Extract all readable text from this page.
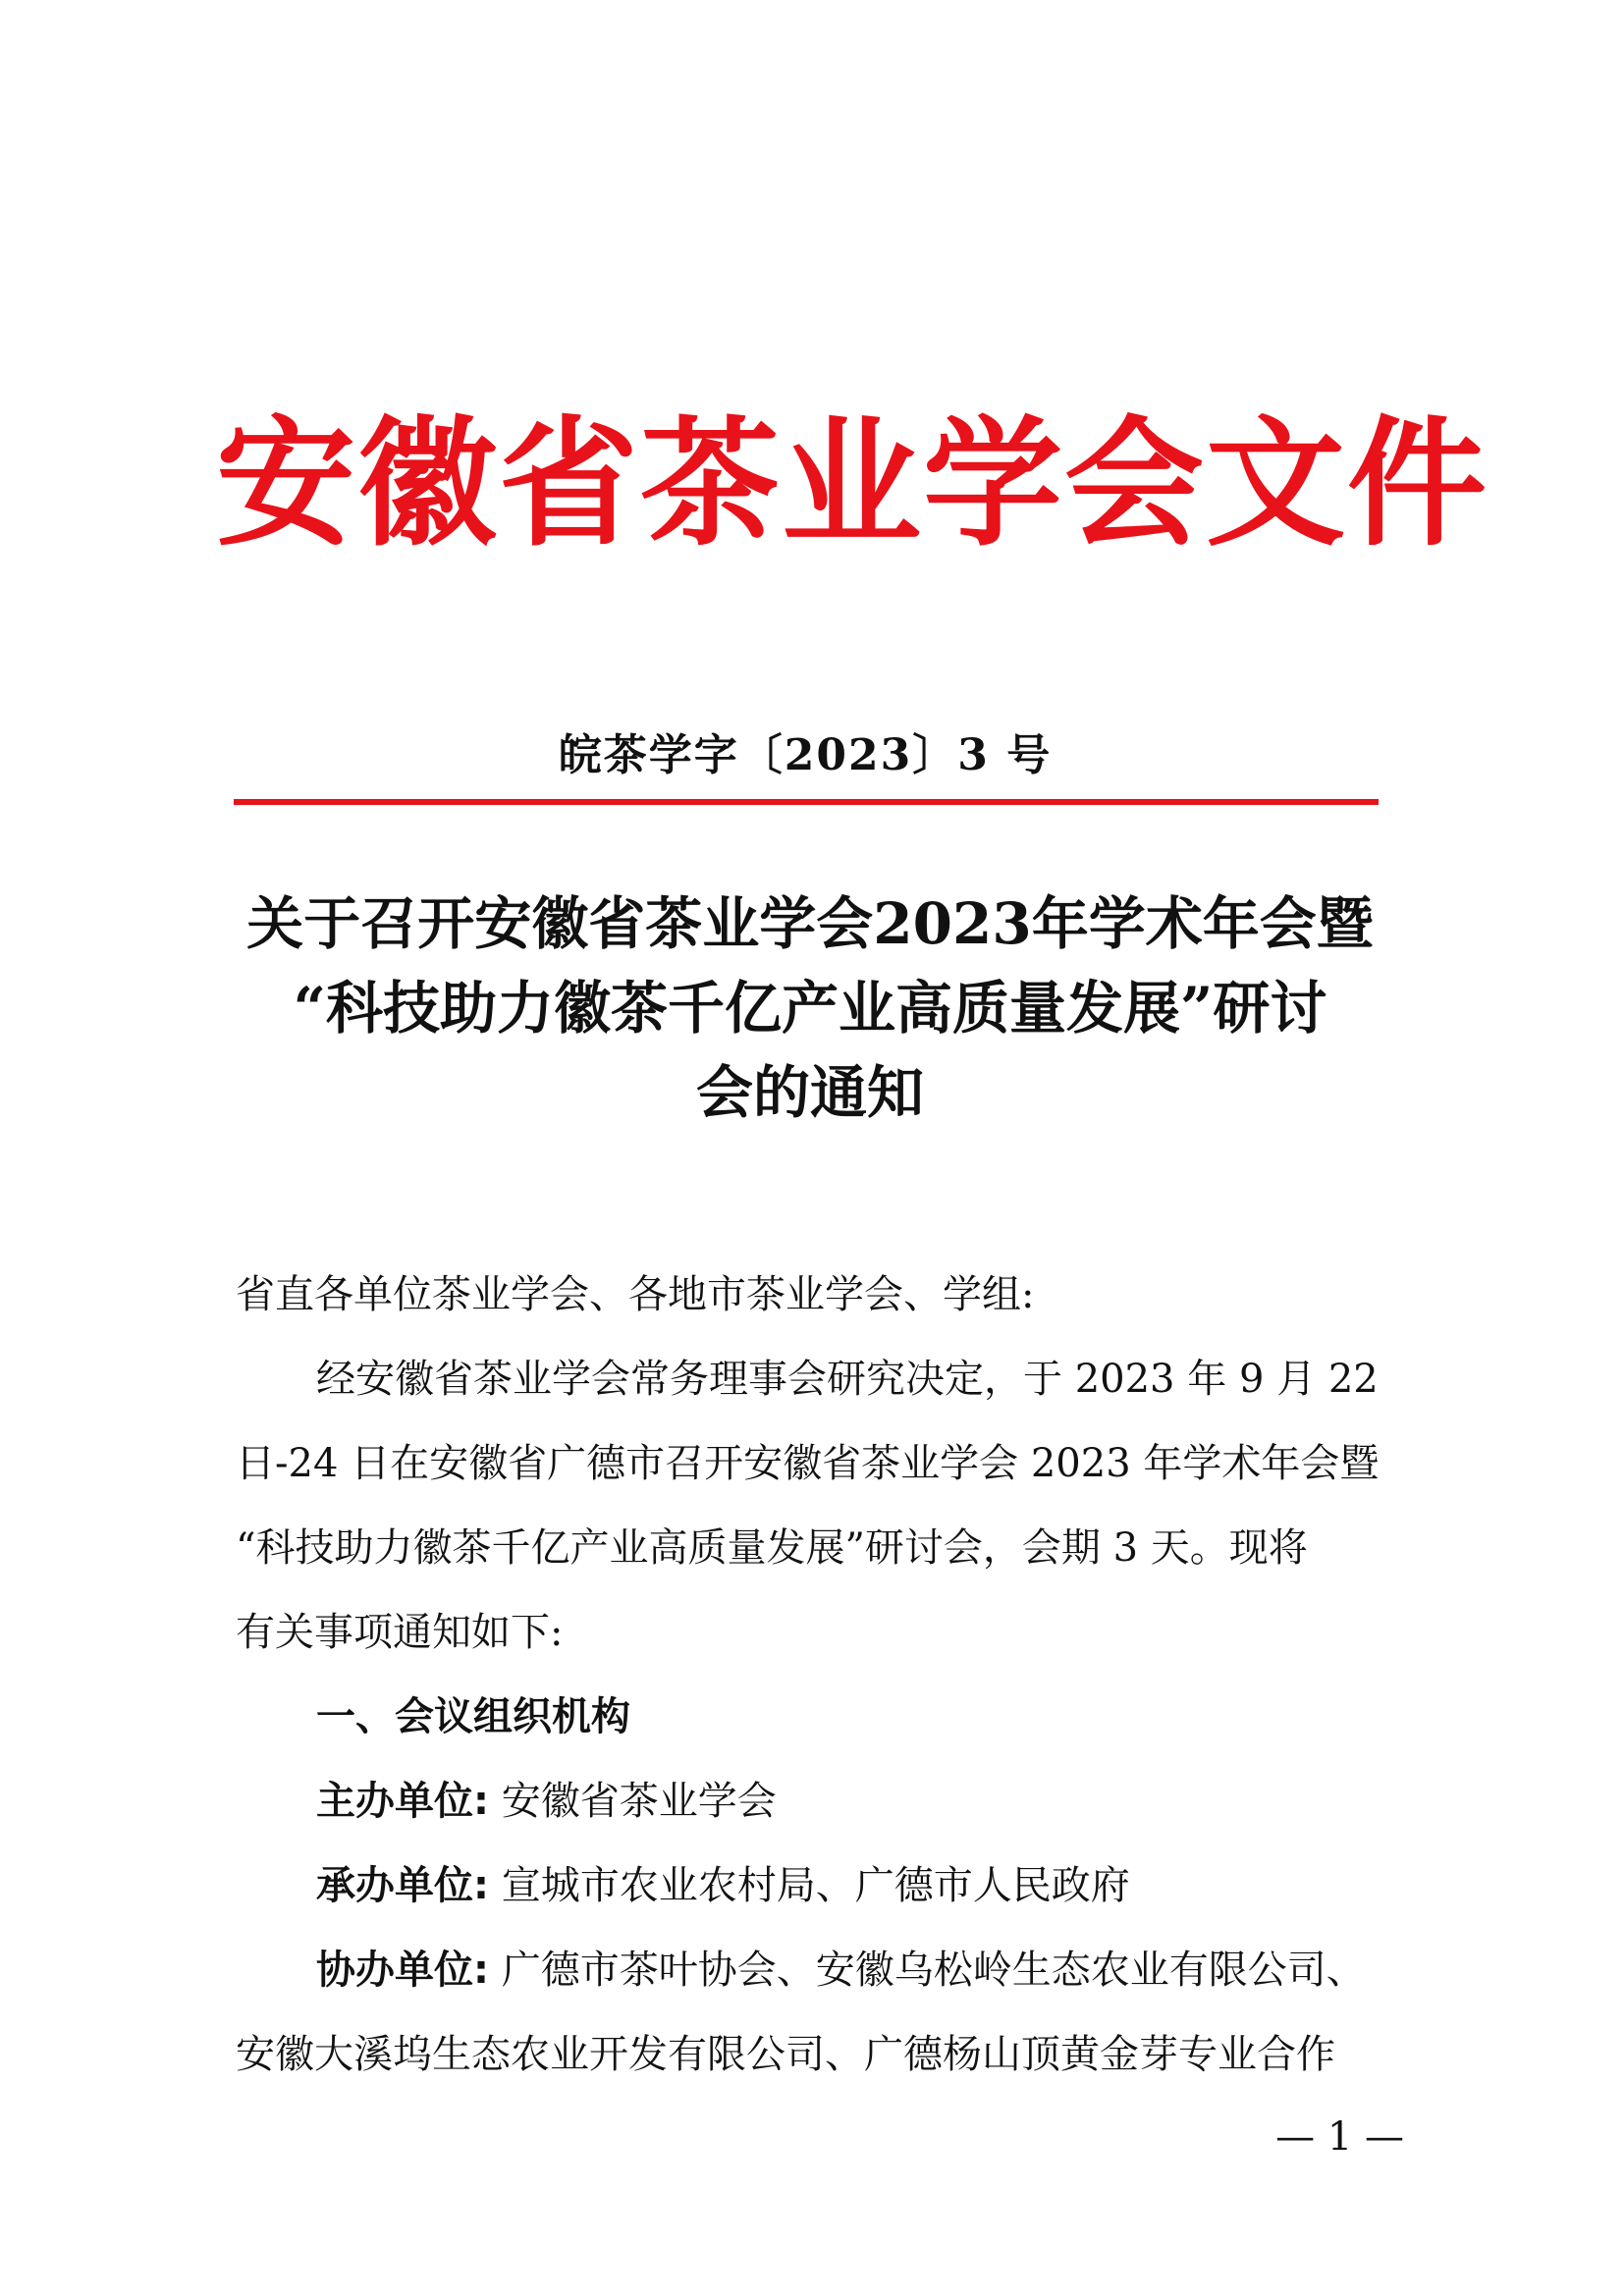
安徽省茶业学会文件
皖茶学字〔2023〕3 号
关于召开安徽省茶业学会2023年学术年会暨
“科技助力徽茶千亿产业高质量发展”研讨
会的通知
省直各单位茶业学会、各地市茶业学会、学组:
经安徽省茶业学会常务理事会研究决定，于 2023 年 9 月 22
日-24 日在安徽省广德市召开安徽省茶业学会 2023 年学术年会暨
“科技助力徽茶千亿产业高质量发展”研讨会，会期 3 天。现将
有关事项通知如下:
一、会议组织机构
主办单位: 安徽省茶业学会
承办单位: 宣城市农业农村局、广德市人民政府
协办单位: 广德市茶叶协会、安徽乌松岭生态农业有限公司、
安徽大溪坞生态农业开发有限公司、广德杨山顶黄金芽专业合作
— 1 —
